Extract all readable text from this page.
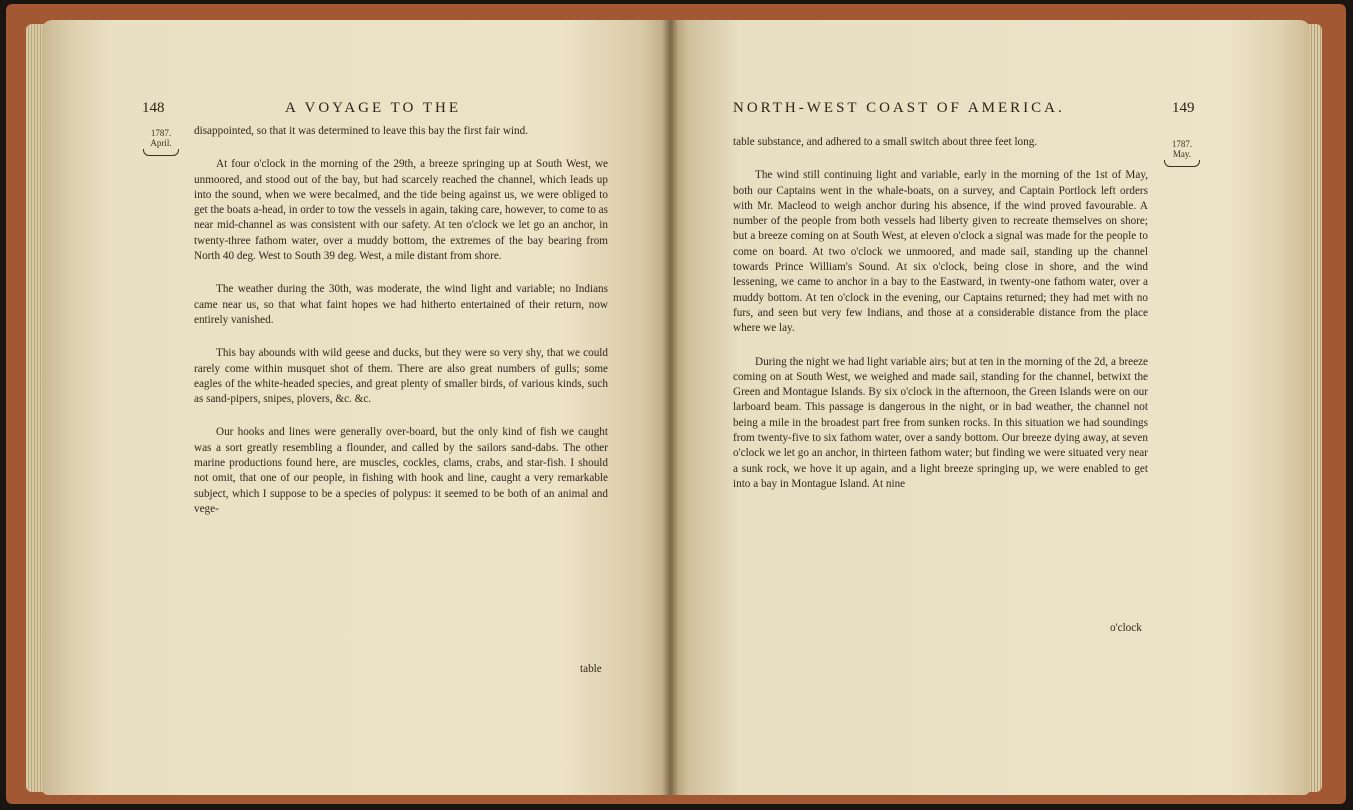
148	A VOYAGE TO THE
1787.
April.

disappointed, so that it was determined to leave this bay the first fair wind.

At four o'clock in the morning of the 29th, a breeze springing up at South West, we unmoored, and stood out of the bay, but had scarcely reached the channel, which leads up into the sound, when we were becalmed, and the tide being against us, we were obliged to get the boats a-head, in order to tow the vessels in again, taking care, however, to come to as near mid-channel as was consistent with our safety. At ten o'clock we let go an anchor, in twenty-three fathom water, over a muddy bottom, the extremes of the bay bearing from North 40 deg. West to South 39 deg. West, a mile distant from shore.

The weather during the 30th, was moderate, the wind light and variable; no Indians came near us, so that what faint hopes we had hitherto entertained of their return, now entirely vanished.

This bay abounds with wild geese and ducks, but they were so very shy, that we could rarely come within musquet shot of them. There are also great numbers of gulls; some eagles of the white-headed species, and great plenty of smaller birds, of various kinds, such as sand-pipers, snipes, plovers, &c. &c.

Our hooks and lines were generally over-board, but the only kind of fish we caught was a sort greatly resembling a flounder, and called by the sailors sand-dabs. The other marine productions found here, are muscles, cockles, clams, crabs, and star-fish. I should not omit, that one of our people, in fishing with hook and line, caught a very remarkable subject, which I suppose to be a species of polypus: it seemed to be both of an animal and vege-

table
NORTH-WEST COAST OF AMERICA.	149
1787.
May.

table substance, and adhered to a small switch about three feet long.

The wind still continuing light and variable, early in the morning of the 1st of May, both our Captains went in the whale-boats, on a survey, and Captain Portlock left orders with Mr. Macleod to weigh anchor during his absence, if the wind proved favourable. A number of the people from both vessels had liberty given to recreate themselves on shore; but a breeze coming on at South West, at eleven o'clock a signal was made for the people to come on board. At two o'clock we unmoored, and made sail, standing up the channel towards Prince William's Sound. At six o'clock, being close in shore, and the wind lessening, we came to anchor in a bay to the Eastward, in twenty-one fathom water, over a muddy bottom. At ten o'clock in the evening, our Captains returned; they had met with no furs, and seen but very few Indians, and those at a considerable distance from the place where we lay.

During the night we had light variable airs; but at ten in the morning of the 2d, a breeze coming on at South West, we weighed and made sail, standing for the channel, betwixt the Green and Montague Islands. By six o'clock in the afternoon, the Green Islands were on our larboard beam. This passage is dangerous in the night, or in bad weather, the channel not being a mile in the broadest part free from sunken rocks. In this situation we had soundings from twenty-five to six fathom water, over a sandy bottom. Our breeze dying away, at seven o'clock we let go an anchor, in thirteen fathom water; but finding we were situated very near a sunk rock, we hove it up again, and a light breeze springing up, we were enabled to get into a bay in Montague Island. At nine

o'clock
